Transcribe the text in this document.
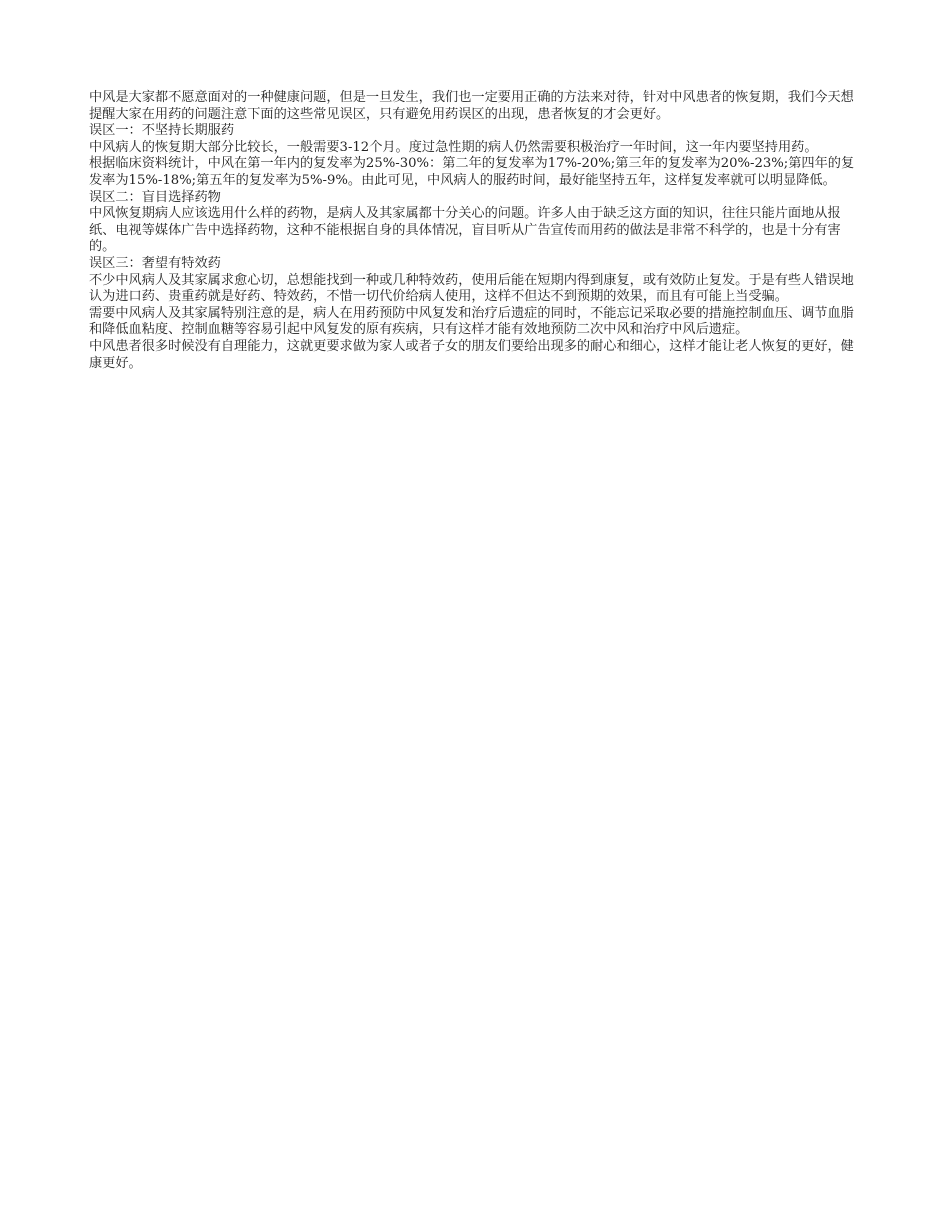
中风是大家都不愿意面对的一种健康问题，但是一旦发生，我们也一定要用正确的方法来对待，针对中风患者的恢复期，我们今天想提醒大家在用药的问题注意下面的这些常见误区，只有避免用药误区的出现，患者恢复的才会更好。

误区一：不坚持长期服药

中风病人的恢复期大部分比较长，一般需要3-12个月。度过急性期的病人仍然需要积极治疗一年时间，这一年内要坚持用药。

根据临床资料统计，中风在第一年内的复发率为25%-30%：第二年的复发率为17%-20%;第三年的复发率为20%-23%;第四年的复发率为15%-18%;第五年的复发率为5%-9%。由此可见，中风病人的服药时间，最好能坚持五年，这样复发率就可以明显降低。

误区二：盲目选择药物

中风恢复期病人应该选用什么样的药物，是病人及其家属都十分关心的问题。许多人由于缺乏这方面的知识，往往只能片面地从报纸、电视等媒体广告中选择药物，这种不能根据自身的具体情况，盲目听从广告宣传而用药的做法是非常不科学的，也是十分有害的。

误区三：奢望有特效药

不少中风病人及其家属求愈心切，总想能找到一种或几种特效药，使用后能在短期内得到康复，或有效防止复发。于是有些人错误地认为进口药、贵重药就是好药、特效药，不惜一切代价给病人使用，这样不但达不到预期的效果，而且有可能上当受骗。

需要中风病人及其家属特别注意的是，病人在用药预防中风复发和治疗后遗症的同时，不能忘记采取必要的措施控制血压、调节血脂和降低血粘度、控制血糖等容易引起中风复发的原有疾病，只有这样才能有效地预防二次中风和治疗中风后遗症。

中风患者很多时候没有自理能力，这就更要求做为家人或者子女的朋友们要给出现多的耐心和细心，这样才能让老人恢复的更好，健康更好。
